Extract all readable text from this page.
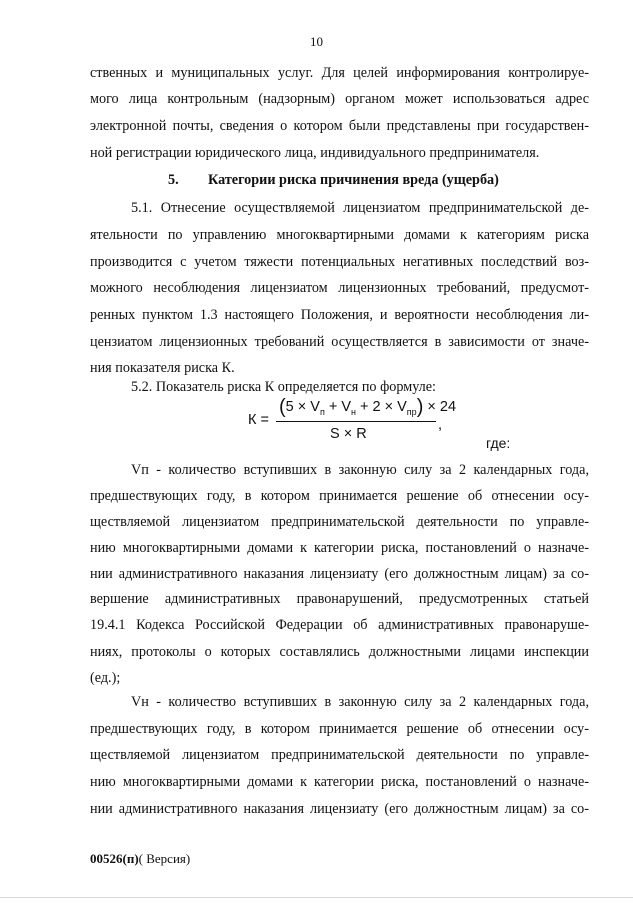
10
ственных и муниципальных услуг. Для целей информирования контролируе-
мого лица контрольным (надзорным) органом может использоваться адрес
электронной почты, сведения о котором были представлены при государствен-
ной регистрации юридического лица, индивидуального предпринимателя.
5. Категории риска причинения вреда (ущерба)
5.1. Отнесение осуществляемой лицензиатом предпринимательской де-
ятельности по управлению многоквартирными домами к категориям риска
производится с учетом тяжести потенциальных негативных последствий воз-
можного несоблюдения лицензиатом лицензионных требований, предусмот-
ренных пунктом 1.3 настоящего Положения, и вероятности несоблюдения ли-
цензиатом лицензионных требований осуществляется в зависимости от значе-
ния показателя риска К.
5.2. Показатель риска К определяется по формуле:
К =
$(5 \times V_п + V_н + 2 \times V_{пр}) \times 24$
S × R
,
где:
Vп - количество вступивших в законную силу за 2 календарных года,
предшествующих году, в котором принимается решение об отнесении осу-
ществляемой лицензиатом предпринимательской деятельности по управле-
нию многоквартирными домами к категории риска, постановлений о назначе-
нии административного наказания лицензиату (его должностным лицам) за со-
вершение административных правонарушений, предусмотренных статьей
19.4.1 Кодекса Российской Федерации об административных правонаруше-
ниях, протоколы о которых составлялись должностными лицами инспекции
(ед.);
Vн - количество вступивших в законную силу за 2 календарных года,
предшествующих году, в котором принимается решение об отнесении осу-
ществляемой лицензиатом предпринимательской деятельности по управле-
нию многоквартирными домами к категории риска, постановлений о назначе-
нии административного наказания лицензиату (его должностным лицам) за со-
00526(п)( Версия)
